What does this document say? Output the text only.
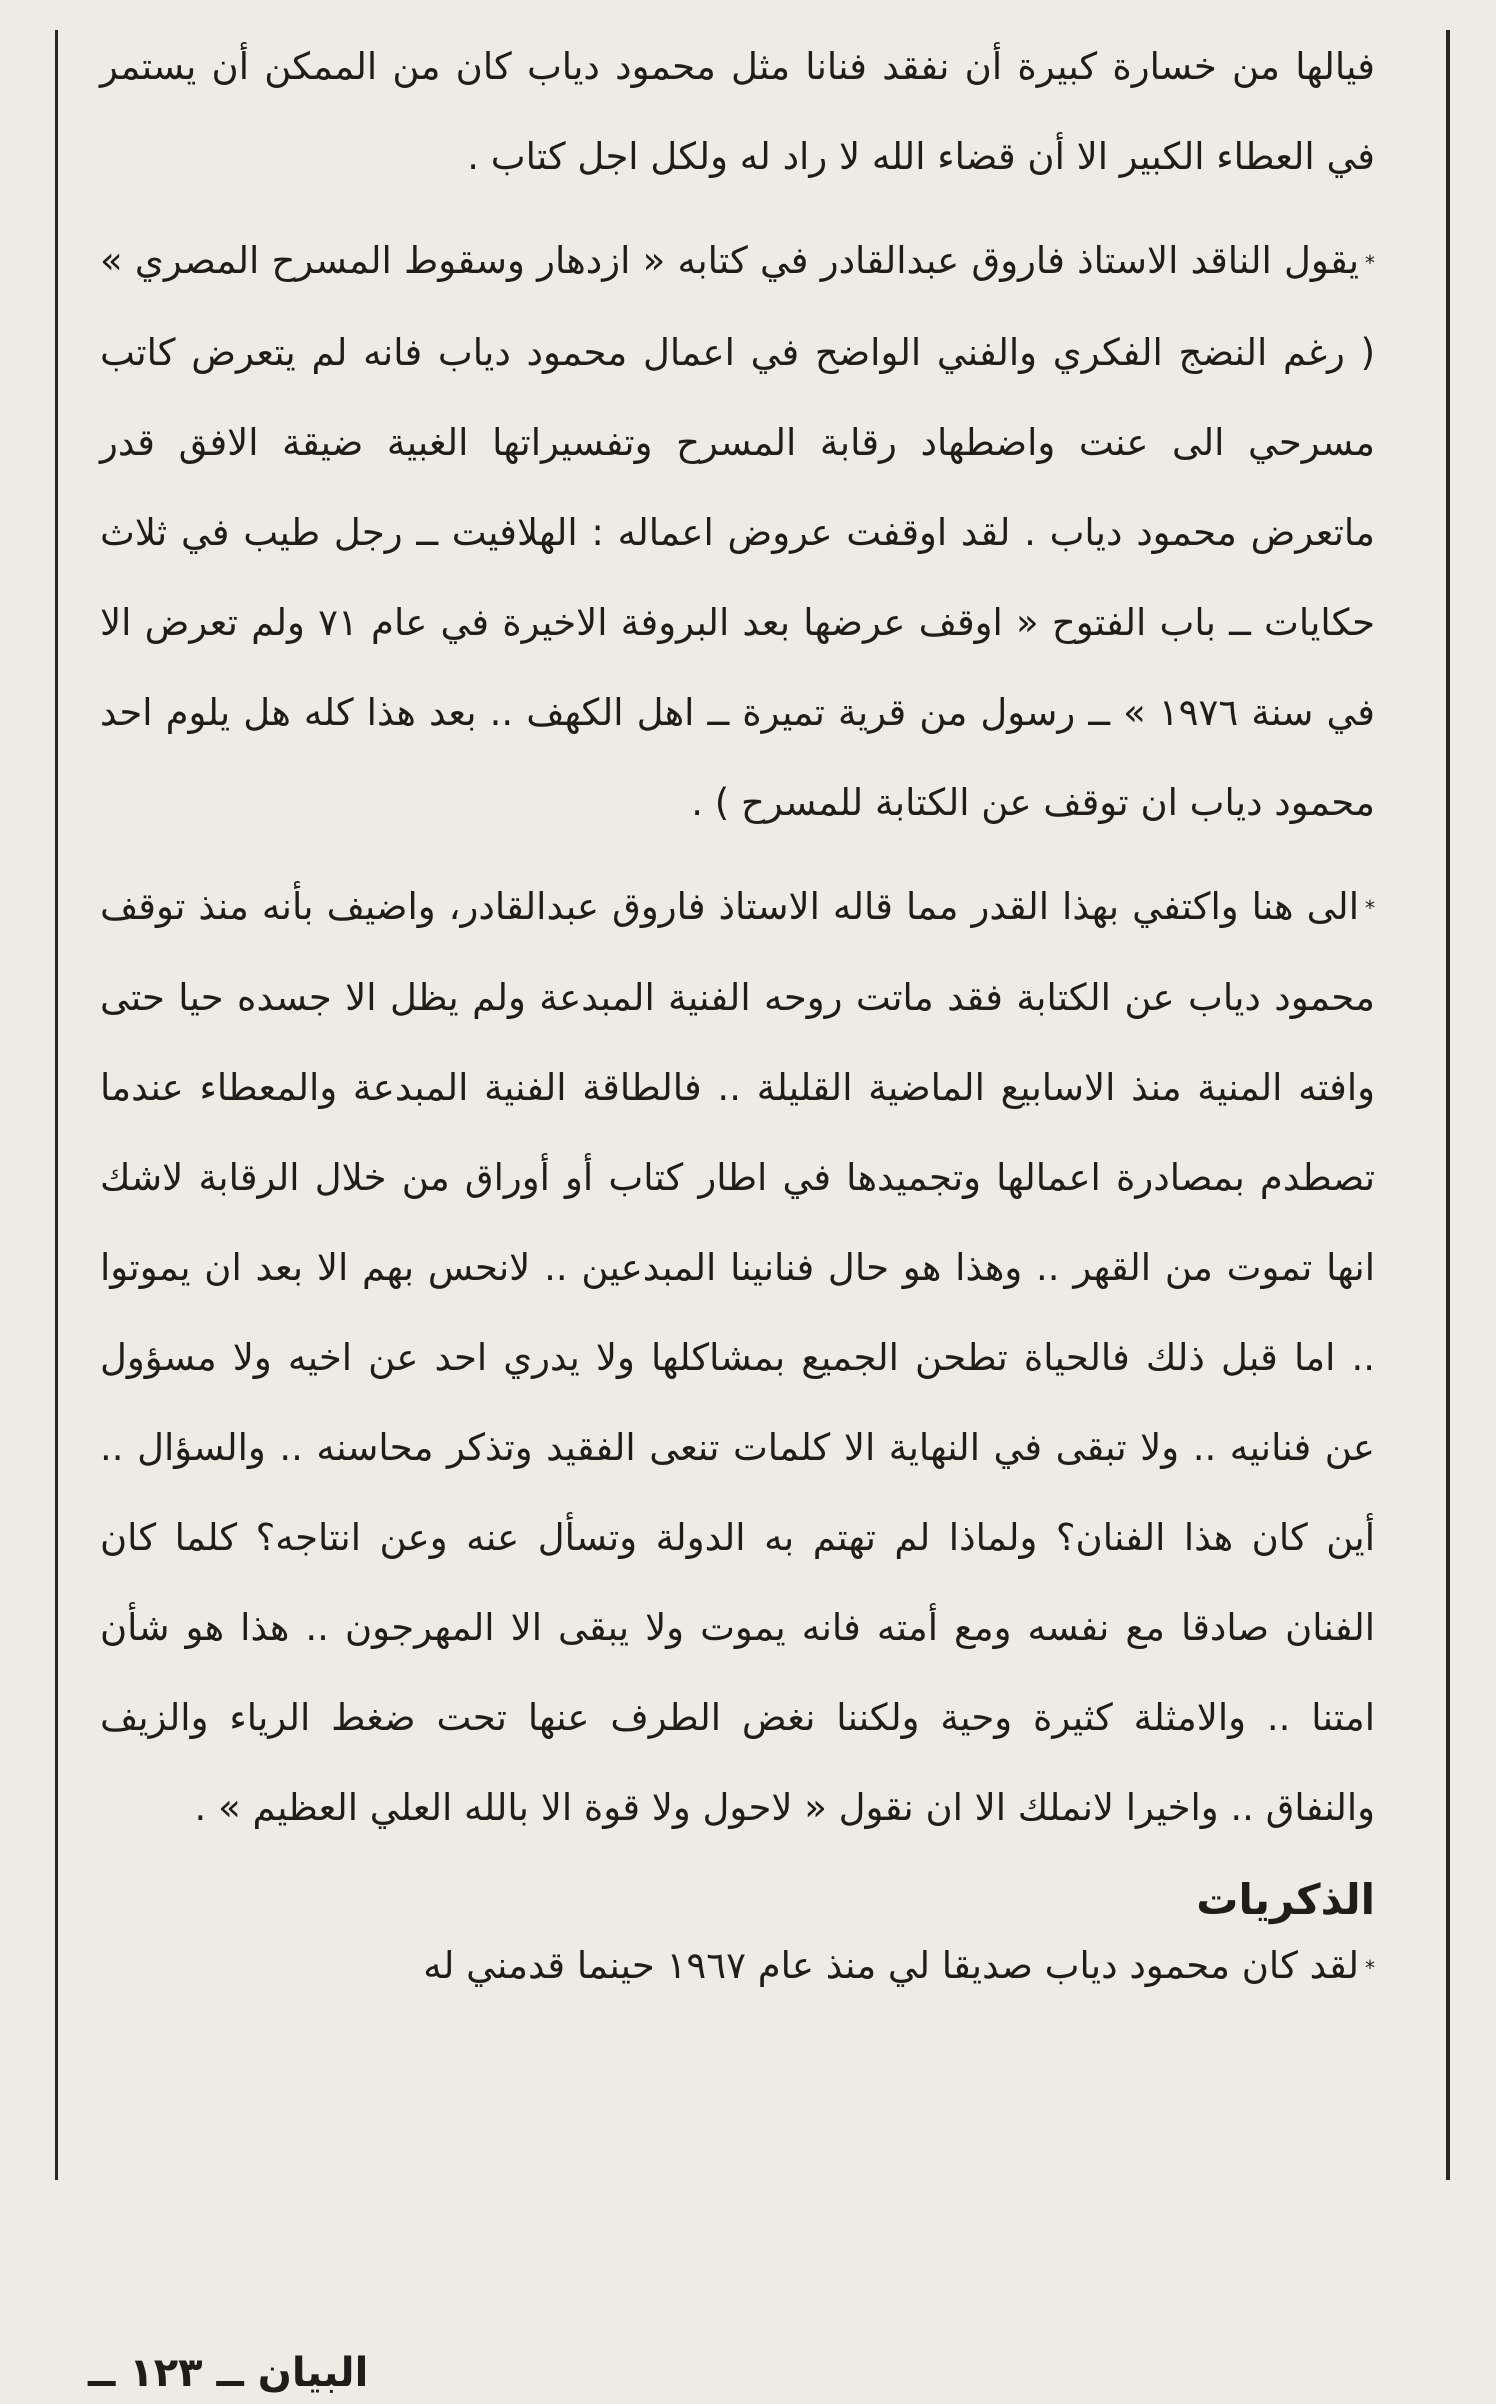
فيالها من خسارة كبيرة أن نفقد فنانا مثل محمود دياب كان من الممكن أن يستمر في العطاء الكبير الا أن قضاء الله لا راد له ولكل اجل كتاب .

*يقول الناقد الاستاذ فاروق عبدالقادر في كتابه « ازدهار وسقوط المسرح المصري » ( رغم النضج الفكري والفني الواضح في اعمال محمود دياب فانه لم يتعرض كاتب مسرحي الى عنت واضطهاد رقابة المسرح وتفسيراتها الغبية ضيقة الافق قدر ماتعرض محمود دياب . لقد اوقفت عروض اعماله : الهلافيت ــ رجل طيب في ثلاث حكايات ــ باب الفتوح « اوقف عرضها بعد البروفة الاخيرة في عام ٧١ ولم تعرض الا في سنة ١٩٧٦ » ــ رسول من قرية تميرة ــ اهل الكهف .. بعد هذا كله هل يلوم احد محمود دياب ان توقف عن الكتابة للمسرح ) .

*الى هنا واكتفي بهذا القدر مما قاله الاستاذ فاروق عبدالقادر، واضيف بأنه منذ توقف محمود دياب عن الكتابة فقد ماتت روحه الفنية المبدعة ولم يظل الا جسده حيا حتى وافته المنية منذ الاسابيع الماضية القليلة .. فالطاقة الفنية المبدعة والمعطاء عندما تصطدم بمصادرة اعمالها وتجميدها في اطار كتاب أو أوراق من خلال الرقابة لاشك انها تموت من القهر .. وهذا هو حال فنانينا المبدعين .. لانحس بهم الا بعد ان يموتوا .. اما قبل ذلك فالحياة تطحن الجميع بمشاكلها ولا يدري احد عن اخيه ولا مسؤول عن فنانيه .. ولا تبقى في النهاية الا كلمات تنعى الفقيد وتذكر محاسنه .. والسؤال .. أين كان هذا الفنان؟ ولماذا لم تهتم به الدولة وتسأل عنه وعن انتاجه؟ كلما كان الفنان صادقا مع نفسه ومع أمته فانه يموت ولا يبقى الا المهرجون .. هذا هو شأن امتنا .. والامثلة كثيرة وحية ولكننا نغض الطرف عنها تحت ضغط الرياء والزيف والنفاق .. واخيرا لانملك الا ان نقول « لاحول ولا قوة الا بالله العلي العظيم » .

الذكريات

*لقد كان محمود دياب صديقا لي منذ عام ١٩٦٧ حينما قدمني له

البيان ــ ١٢٣ ــ
